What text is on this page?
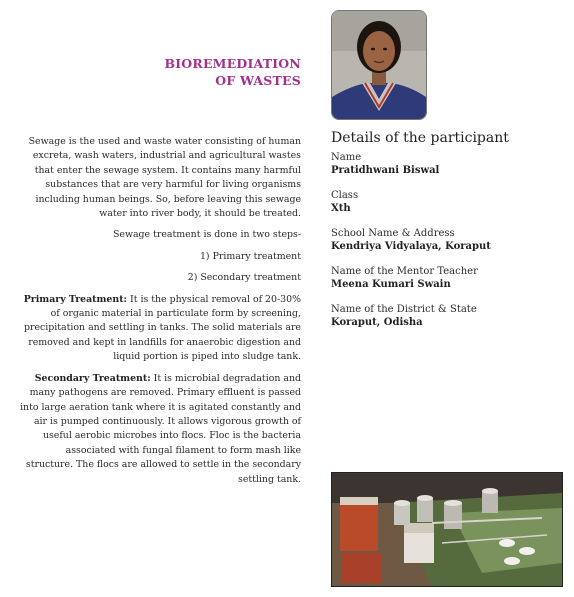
BIOREMEDIATION
OF WASTES

Sewage is the used and waste water consisting of human excreta, wash waters, industrial and agricultural wastes that enter the sewage system. It contains many harmful substances that are very harmful for living organisms including human beings. So, before leaving this sewage water into river body, it should be treated.

Sewage treatment is done in two steps-

1) Primary treatment

2) Secondary treatment

Primary Treatment: It is the physical removal of 20-30% of organic material in particulate form by screening, precipitation and settling in tanks. The solid materials are removed and kept in landfills for anaerobic digestion and liquid portion is piped into sludge tank.

Secondary Treatment: It is microbial degradation and many pathogens are removed. Primary effluent is passed into large aeration tank where it is agitated constantly and air is pumped continuously. It allows vigorous growth of useful aerobic microbes into flocs. Floc is the bacteria associated with fungal filament to form mash like structure. The flocs are allowed to settle in the secondary settling tank.

Details of the participant
Name
Pratidhwani Biswal
Class
Xth
School Name & Address
Kendriya Vidyalaya, Koraput
Name of the Mentor Teacher
Meena Kumari Swain
Name of the District & State
Koraput, Odisha
